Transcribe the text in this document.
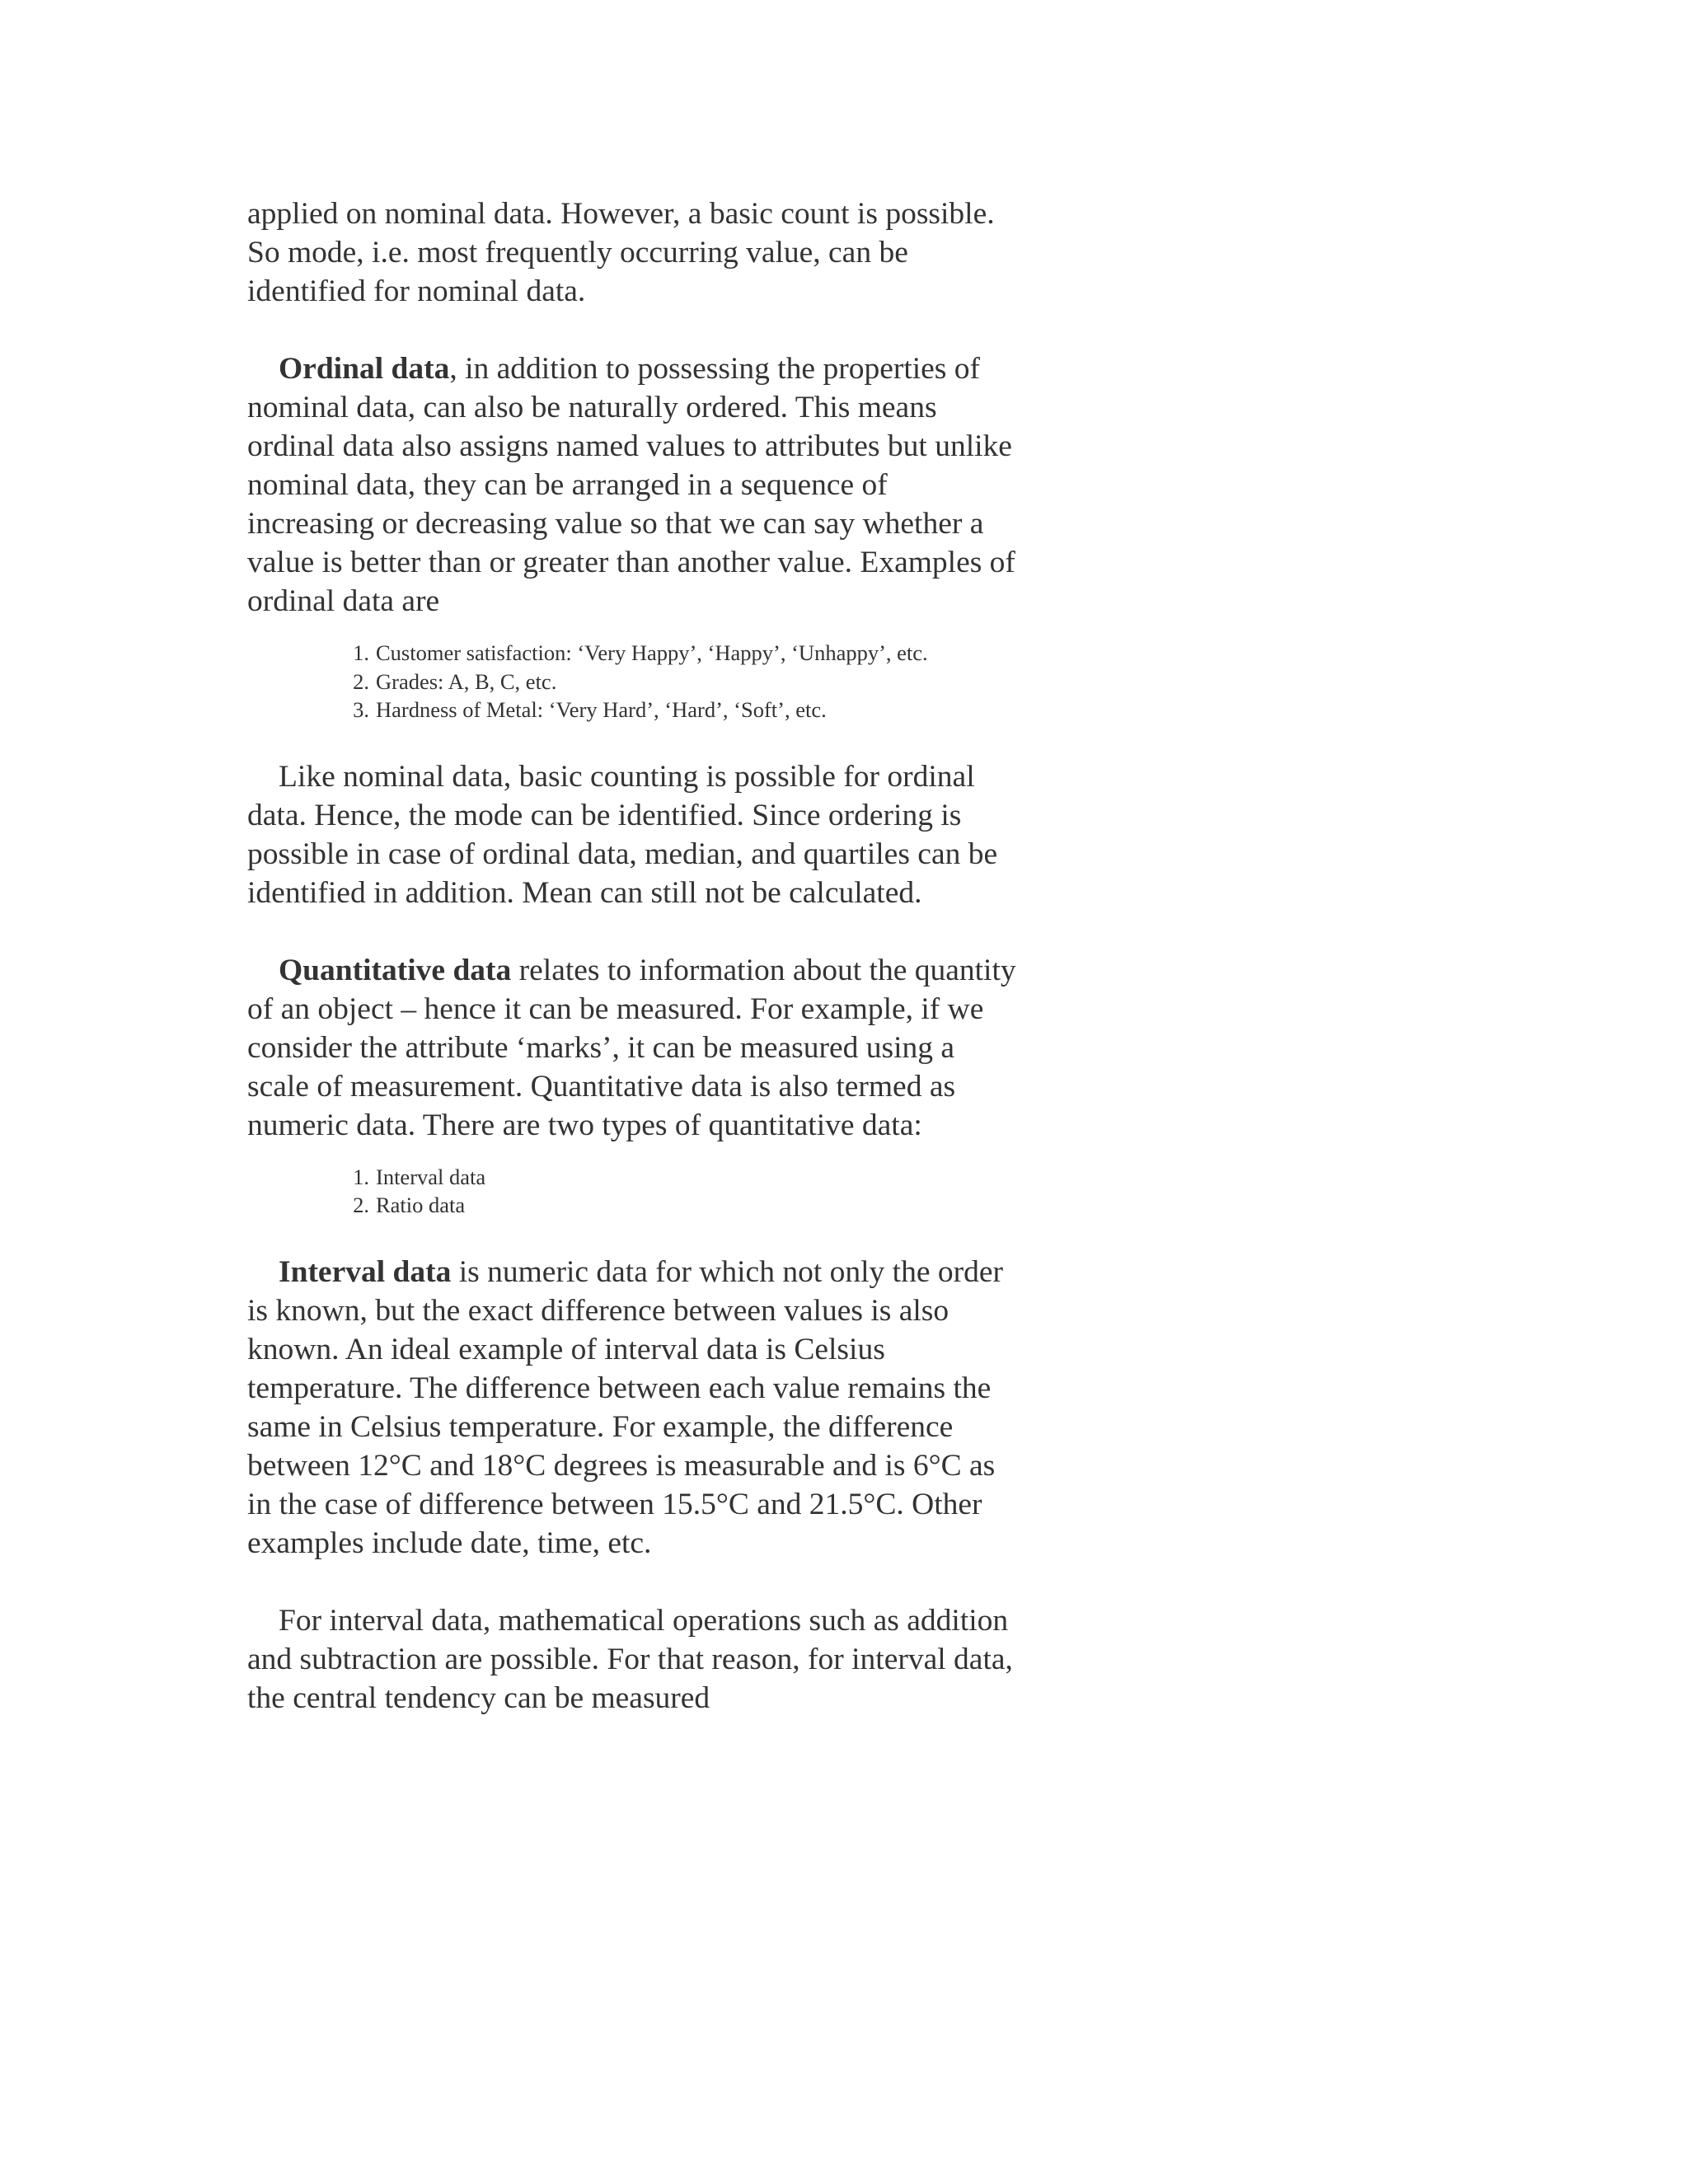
applied on nominal data. However, a basic count is possible. So mode, i.e. most frequently occurring value, can be identified for nominal data.

Ordinal data, in addition to possessing the properties of nominal data, can also be naturally ordered. This means ordinal data also assigns named values to attributes but unlike nominal data, they can be arranged in a sequence of increasing or decreasing value so that we can say whether a value is better than or greater than another value. Examples of ordinal data are

1. Customer satisfaction: ‘Very Happy’, ‘Happy’, ‘Unhappy’, etc.
2. Grades: A, B, C, etc.
3. Hardness of Metal: ‘Very Hard’, ‘Hard’, ‘Soft’, etc.

Like nominal data, basic counting is possible for ordinal data. Hence, the mode can be identified. Since ordering is possible in case of ordinal data, median, and quartiles can be identified in addition. Mean can still not be calculated.

Quantitative data relates to information about the quantity of an object – hence it can be measured. For example, if we consider the attribute ‘marks’, it can be measured using a scale of measurement. Quantitative data is also termed as numeric data. There are two types of quantitative data:

1. Interval data
2. Ratio data

Interval data is numeric data for which not only the order is known, but the exact difference between values is also known. An ideal example of interval data is Celsius temperature. The difference between each value remains the same in Celsius temperature. For example, the difference between 12°C and 18°C degrees is measurable and is 6°C as in the case of difference between 15.5°C and 21.5°C. Other examples include date, time, etc.

For interval data, mathematical operations such as addition and subtraction are possible. For that reason, for interval data, the central tendency can be measured
